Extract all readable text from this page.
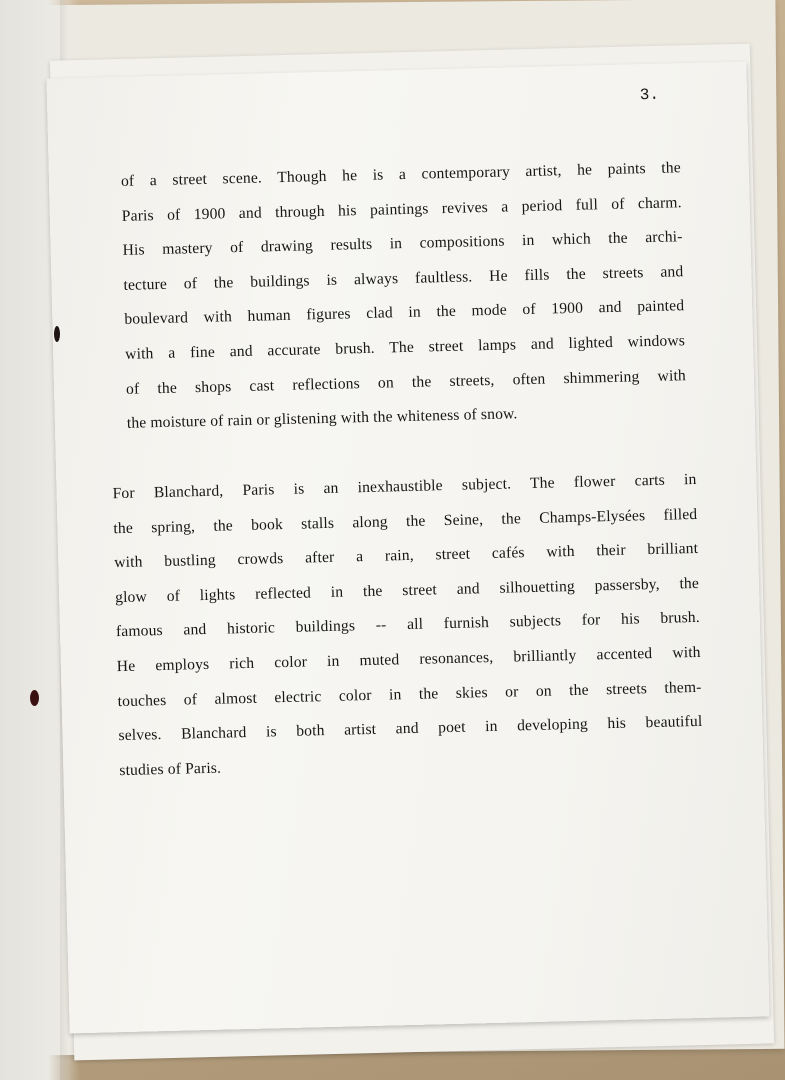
3.
of a street scene. Though he is a contemporary artist, he paints the
Paris of 1900 and through his paintings revives a period full of charm.
His mastery of drawing results in compositions in which the archi-
tecture of the buildings is always faultless. He fills the streets and
boulevard with human figures clad in the mode of 1900 and painted
with a fine and accurate brush. The street lamps and lighted windows
of the shops cast reflections on the streets, often shimmering with
the moisture of rain or glistening with the whiteness of snow.
For Blanchard, Paris is an inexhaustible subject. The flower carts in
the spring, the book stalls along the Seine, the Champs-Elysées filled
with bustling crowds after a rain, street cafés with their brilliant
glow of lights reflected in the street and silhouetting passersby, the
famous and historic buildings -- all furnish subjects for his brush.
He employs rich color in muted resonances, brilliantly accented with
touches of almost electric color in the skies or on the streets them-
selves. Blanchard is both artist and poet in developing his beautiful
studies of Paris.
